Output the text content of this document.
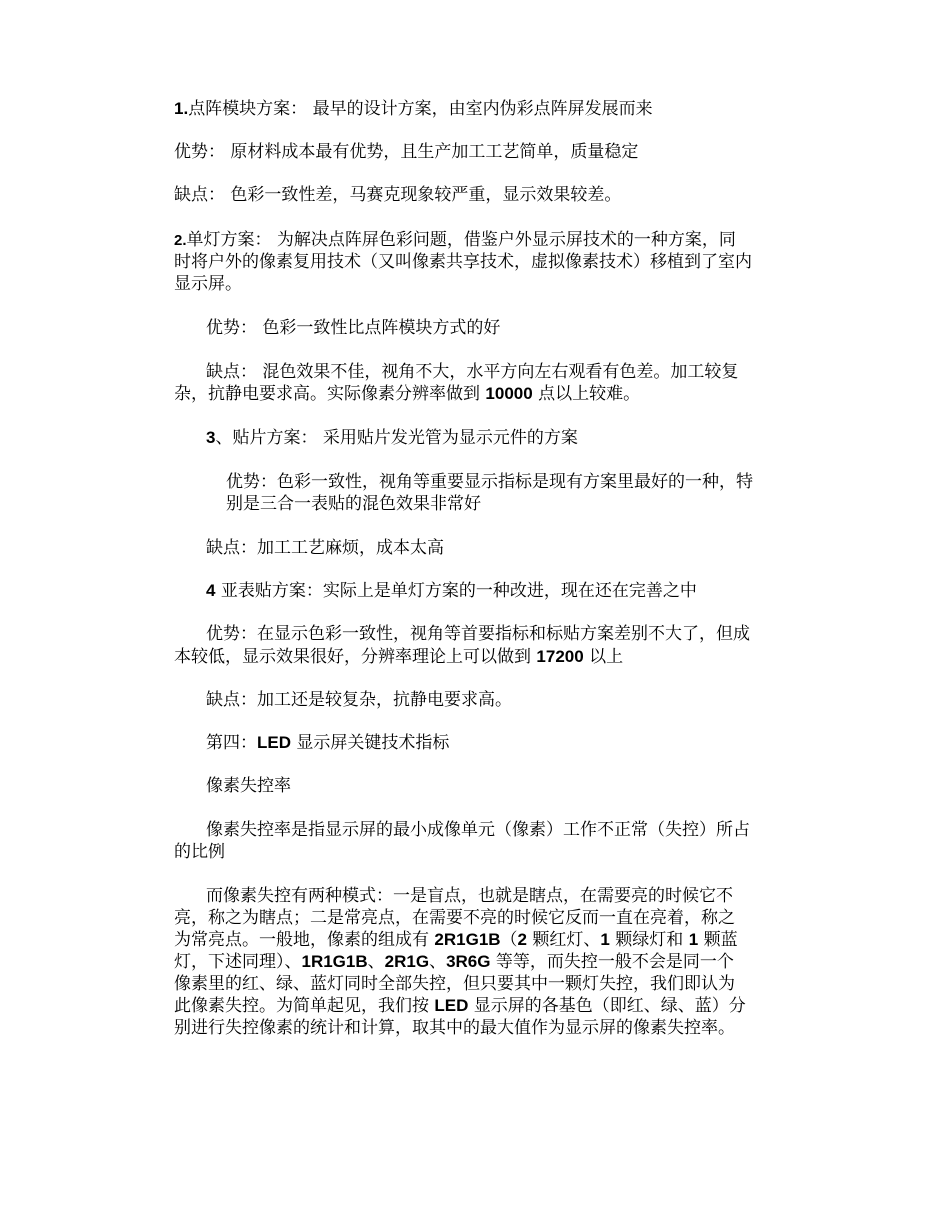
1.点阵模块方案： 最早的设计方案，由室内伪彩点阵屏发展而来
优势： 原材料成本最有优势，且生产加工工艺简单，质量稳定
缺点： 色彩一致性差，马赛克现象较严重，显示效果较差。
2.单灯方案： 为解决点阵屏色彩问题，借鉴户外显示屏技术的一种方案，同
时将户外的像素复用技术（又叫像素共享技术，虚拟像素技术）移植到了室内
显示屏。
优势： 色彩一致性比点阵模块方式的好
缺点： 混色效果不佳，视角不大，水平方向左右观看有色差。加工较复
杂，抗静电要求高。实际像素分辨率做到 10000 点以上较难。
3、贴片方案： 采用贴片发光管为显示元件的方案
优势：色彩一致性，视角等重要显示指标是现有方案里最好的一种，特
别是三合一表贴的混色效果非常好
缺点：加工工艺麻烦，成本太高
4 亚表贴方案：实际上是单灯方案的一种改进，现在还在完善之中
优势：在显示色彩一致性，视角等首要指标和标贴方案差别不大了，但成
本较低，显示效果很好，分辨率理论上可以做到 17200 以上
缺点：加工还是较复杂，抗静电要求高。
第四：LED 显示屏关键技术指标
像素失控率
像素失控率是指显示屏的最小成像单元（像素）工作不正常（失控）所占
的比例
而像素失控有两种模式：一是盲点，也就是瞎点，在需要亮的时候它不
亮，称之为瞎点；二是常亮点，在需要不亮的时候它反而一直在亮着，称之
为常亮点。一般地，像素的组成有 2R1G1B（2 颗红灯、1 颗绿灯和 1 颗蓝
灯，下述同理）、1R1G1B、2R1G、3R6G 等等，而失控一般不会是同一个
像素里的红、绿、蓝灯同时全部失控，但只要其中一颗灯失控，我们即认为
此像素失控。为简单起见，我们按 LED 显示屏的各基色（即红、绿、蓝）分
别进行失控像素的统计和计算，取其中的最大值作为显示屏的像素失控率。
